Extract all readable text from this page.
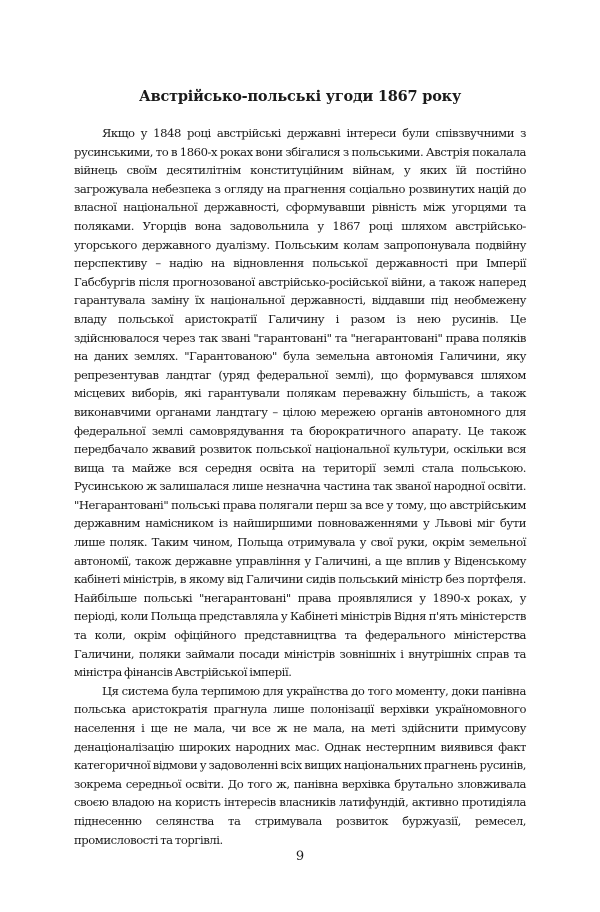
Австрійсько-польські угоди 1867 року

Якщо у 1848 році австрійські державні інтереси були співзвучними з русинськими, то в 1860-х роках вони збігалися з польськими. Австрія покалала війнець своїм десятилітнім конституційним війнам, у яких їй постійно загрожувала небезпека з огляду на прагнення соціально розвинутих націй до власної національної державності, сформувавши рівність між угорцями та поляками. Угорців вона задовольнила у 1867 році шляхом австрійсько-угорського державного дуалізму. Польським колам запропонувала подвійну перспективу – надію на відновлення польської державності при Імперії Габсбургів після прогнозованої австрійсько-російської війни, а також наперед гарантувала заміну їх національної державності, віддавши під необмежену владу польської аристократії Галичину і разом із нею русинів. Це здійснювалося через так звані "гарантовані" та "негарантовані" права поляків на даних землях. "Гарантованою" була земельна автономія Галичини, яку репрезентував ландтаг (уряд федеральної землі), що формувався шляхом місцевих виборів, які гарантували полякам переважну більшість, а також виконавчими органами ландтагу – цілою мережею органів автономного для федеральної землі самоврядування та бюрократичного апарату. Це також передбачало жвавий розвиток польської національної культури, оскільки вся вища та майже вся середня освіта на території землі стала польською. Русинською ж залишалася лише незначна частина так званої народної освіти. "Негарантовані" польські права полягали перш за все у тому, що австрійським державним намісником із найширшими повноваженнями у Львові міг бути лише поляк. Таким чином, Польща отримувала у свої руки, окрім земельної автономії, також державне управління у Галичині, а ще вплив у Віденському кабінеті міністрів, в якому від Галичини сидів польський міністр без портфеля. Найбільше польські "негарантовані" права проявлялися у 1890-х роках, у періоді, коли Польща представляла у Кабінеті міністрів Відня п'ять міністерств та коли, окрім офіційного представництва та федерального міністерства Галичини, поляки займали посади міністрів зовнішніх і внутрішніх справ та міністра фінансів Австрійської імперії.

Ця система була терпимою для українства до того моменту, доки панівна польська аристократія прагнула лише полонізації верхівки україномовного населення і ще не мала, чи все ж не мала, на меті здійснити примусову денаціоналізацію широких народних мас. Однак нестерпним виявився факт категоричної відмови у задоволенні всіх вищих національних прагнень русинів, зокрема середньої освіти. До того ж, панівна верхівка брутально зловживала своєю владою на користь інтересів власників латифундій, активно протидіяла піднесенню селянства та стримувала розвиток буржуазії, ремесел, промисловості та торгівлі.

9
